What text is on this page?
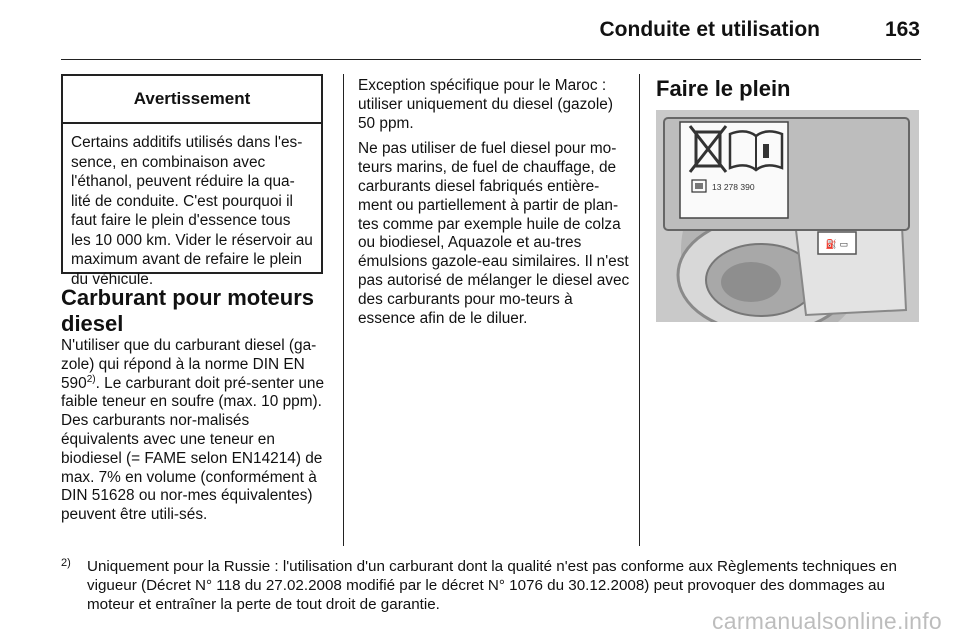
Conduite et utilisation	163
Avertissement
Certains additifs utilisés dans l'es-sence, en combinaison avec l'éthanol, peuvent réduire la qua-lité de conduite. C'est pourquoi il faut faire le plein d'essence tous les 10 000 km. Vider le réservoir au maximum avant de refaire le plein du véhicule.
Carburant pour moteurs diesel
N'utiliser que du carburant diesel (ga-zole) qui répond à la norme DIN EN 590$^{2)}$. Le carburant doit pré-senter une faible teneur en soufre (max. 10 ppm). Des carburants nor-malisés équivalents avec une teneur en biodiesel (= FAME selon EN14214) de max. 7% en volume (conformément à DIN 51628 ou nor-mes équivalentes) peuvent être utili-sés.

Exception spécifique pour le Maroc : utiliser uniquement du diesel (gazole) 50 ppm.

Ne pas utiliser de fuel diesel pour mo-teurs marins, de fuel de chauffage, de carburants diesel fabriqués entière-ment ou partiellement à partir de plan-tes comme par exemple huile de colza ou biodiesel, Aquazole et au-tres émulsions gazole-eau similaires. Il n'est pas autorisé de mélanger le diesel avec des carburants pour mo-teurs à essence afin de le diluer.

Faire le plein
⛽ ▭
13 278 390
2) Uniquement pour la Russie : l'utilisation d'un carburant dont la qualité n'est pas conforme aux Règlements techniques en vigueur (Décret N° 118 du 27.02.2008 modifié par le décret N° 1076 du 30.12.2008) peut provoquer des dommages au moteur et entraîner la perte de tout droit de garantie.
carmanualsonline.info
